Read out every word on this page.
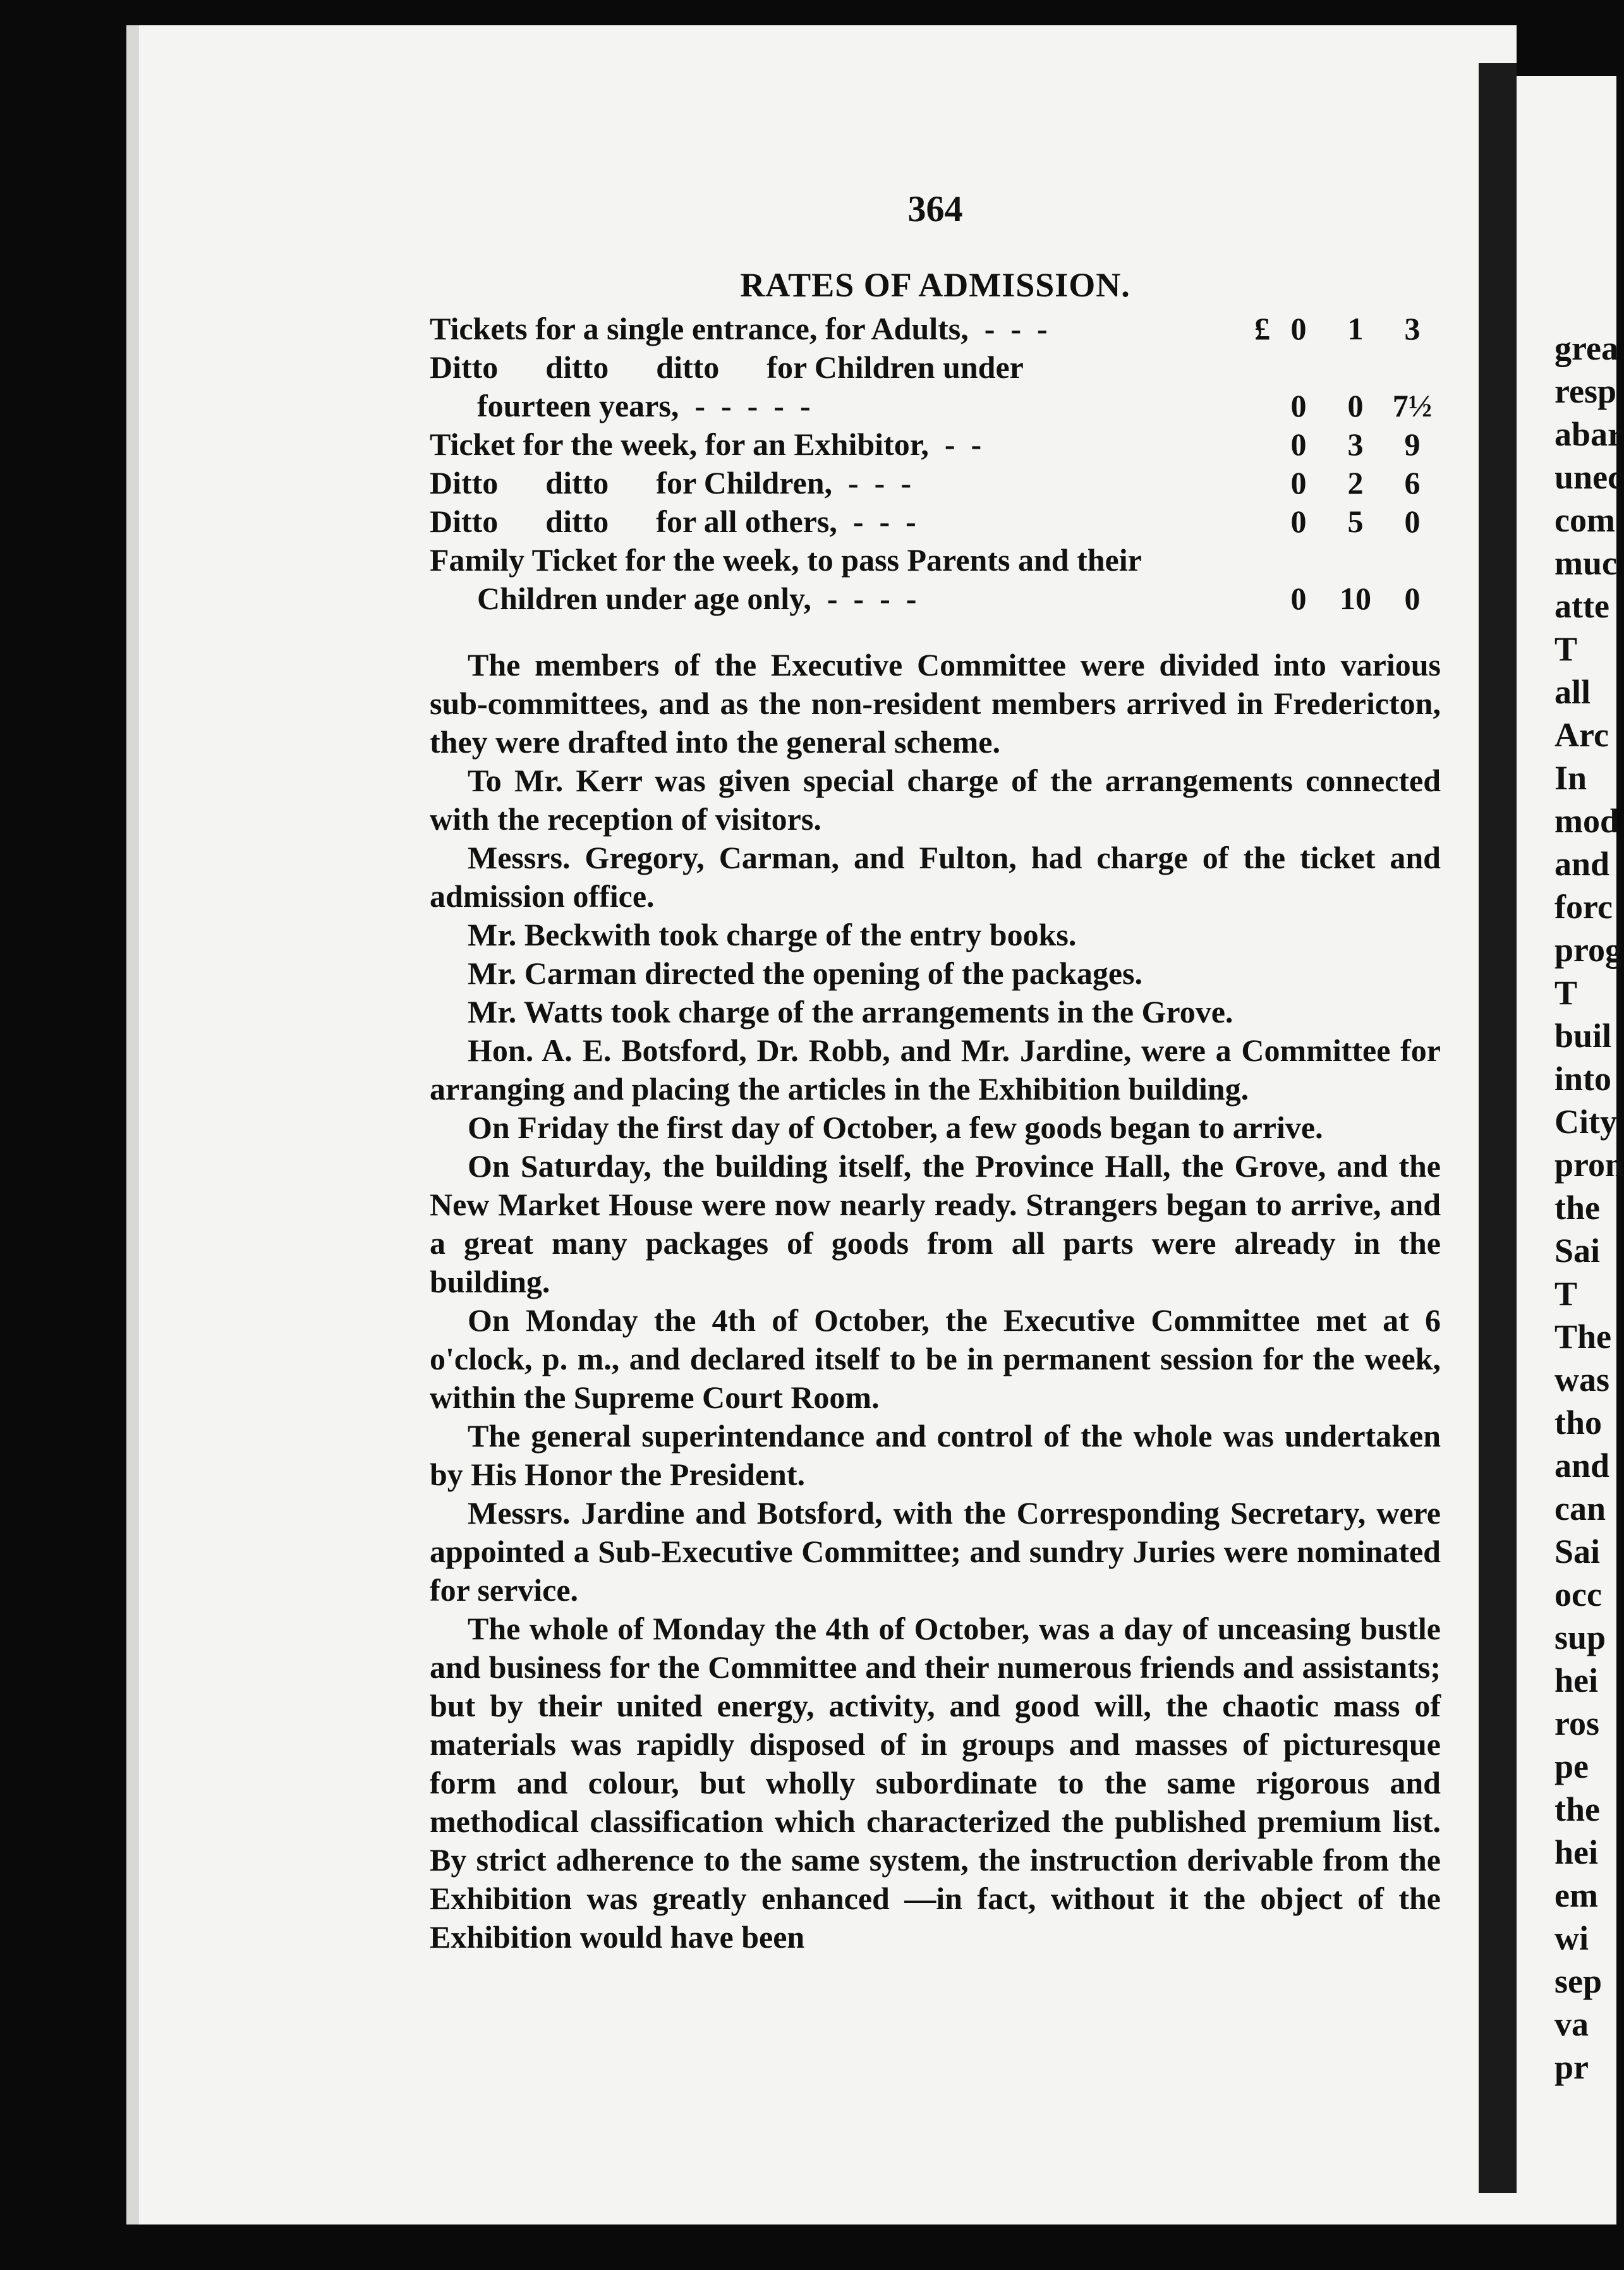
grea
resp
abar
unec
com
muc
atte
T
all
Arc
In
mod
and
forc
prog
T
buil
into
City
pron
the
Sai
T
The
was
tho
and
can
Sai
occ
sup
hei
ros
pe
the
hei
em
wi
sep
va
pr
364
RATES OF ADMISSION.
Tickets for a single entrance, for Adults,  -  -  -	£	0	1	3
Ditto      ditto      ditto      for Children under				
fourteen years,  -  -  -  -  -		0	0	7½
Ticket for the week, for an Exhibitor,  -  -		0	3	9
Ditto      ditto      for Children,  -  -  -		0	2	6
Ditto      ditto      for all others,  -  -  -		0	5	0
Family Ticket for the week, to pass Parents and their				
Children under age only,  -  -  -  -		0	10	0

The members of the Executive Committee were divided into various sub-committees, and as the non-resident members arrived in Fredericton, they were drafted into the general scheme.

To Mr. Kerr was given special charge of the arrangements connected with the reception of visitors.

Messrs. Gregory, Carman, and Fulton, had charge of the ticket and admission office.

Mr. Beckwith took charge of the entry books.

Mr. Carman directed the opening of the packages.

Mr. Watts took charge of the arrangements in the Grove.

Hon. A. E. Botsford, Dr. Robb, and Mr. Jardine, were a Committee for arranging and placing the articles in the Exhibition building.

On Friday the first day of October, a few goods began to arrive.

On Saturday, the building itself, the Province Hall, the Grove, and the New Market House were now nearly ready. Strangers began to arrive, and a great many packages of goods from all parts were already in the building.

On Monday the 4th of October, the Executive Committee met at 6 o'clock, p. m., and declared itself to be in permanent session for the week, within the Supreme Court Room.

The general superintendance and control of the whole was undertaken by His Honor the President.

Messrs. Jardine and Botsford, with the Corresponding Secretary, were appointed a Sub-Executive Committee; and sundry Juries were nominated for service.

The whole of Monday the 4th of October, was a day of unceasing bustle and business for the Committee and their numerous friends and assistants; but by their united energy, activity, and good will, the chaotic mass of materials was rapidly disposed of in groups and masses of picturesque form and colour, but wholly subordinate to the same rigorous and methodical classification which characterized the published premium list. By strict adherence to the same system, the instruction derivable from the Exhibition was greatly enhanced —in fact, without it the object of the Exhibition would have been
